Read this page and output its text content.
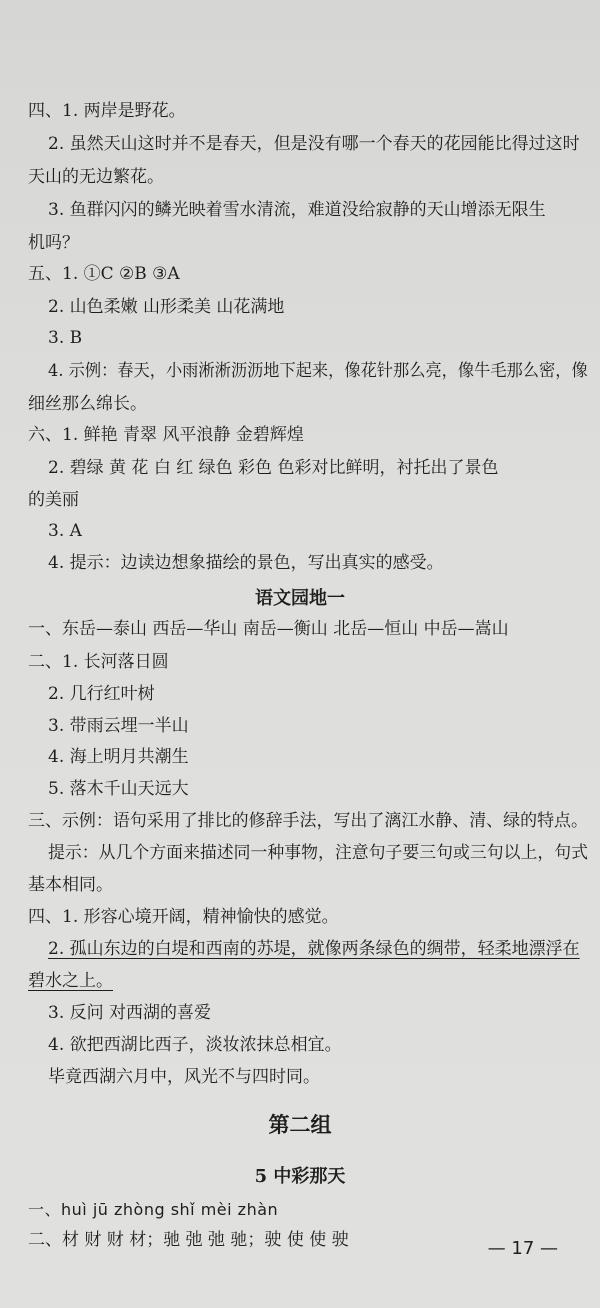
四、1. 两岸是野花。
2. 虽然天山这时并不是春天，但是没有哪一个春天的花园能比得过这时
天山的无边繁花。
3. 鱼群闪闪的鳞光映着雪水清流，难道没给寂静的天山增添无限生
机吗？
五、1. ①C ②B ③A
2. 山色柔嫩 山形柔美 山花满地
3. B
4. 示例：春天，小雨淅淅沥沥地下起来，像花针那么亮，像牛毛那么密，像
细丝那么绵长。
六、1. 鲜艳 青翠 风平浪静 金碧辉煌
2. 碧绿 黄 花 白 红 绿色 彩色 色彩对比鲜明，衬托出了景色
的美丽
3. A
4. 提示：边读边想象描绘的景色，写出真实的感受。
语文园地一
一、东岳—泰山 西岳—华山 南岳—衡山 北岳—恒山 中岳—嵩山
二、1. 长河落日圆
2. 几行红叶树
3. 带雨云埋一半山
4. 海上明月共潮生
5. 落木千山天远大
三、示例：语句采用了排比的修辞手法，写出了漓江水静、清、绿的特点。
提示：从几个方面来描述同一种事物，注意句子要三句或三句以上，句式
基本相同。
四、1. 形容心境开阔，精神愉快的感觉。
2. 孤山东边的白堤和西南的苏堤，就像两条绿色的绸带，轻柔地漂浮在
碧水之上。
3. 反问 对西湖的喜爱
4. 欲把西湖比西子，淡妆浓抹总相宜。
毕竟西湖六月中，风光不与四时同。
第二组
5 中彩那天
一、huì jū zhòng shǐ mèi zhàn
二、材 财 财 材；驰 弛 弛 驰；驶 使 使 驶	— 17 —
